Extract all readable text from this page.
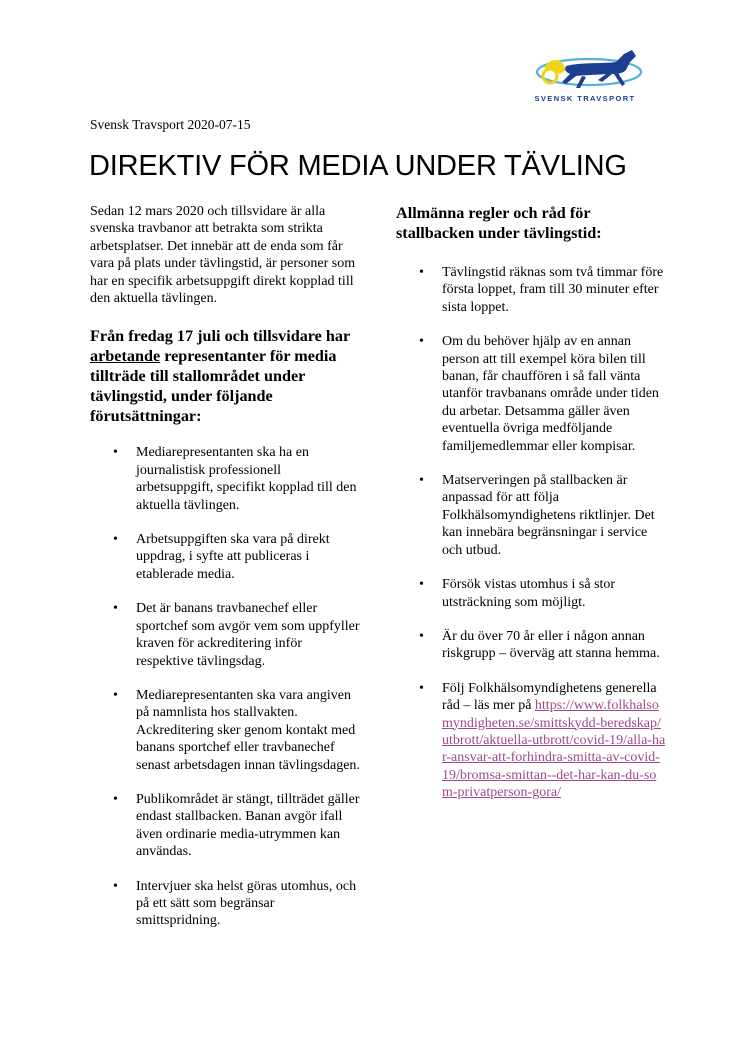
SVENSK TRAVSPORT
Svensk Travsport 2020-07-15
DIREKTIV FÖR MEDIA UNDER TÄVLING

Sedan 12 mars 2020 och tillsvidare är alla svenska travbanor att betrakta som strikta arbetsplatser. Det innebär att de enda som får vara på plats under tävlingstid, är personer som har en specifik arbetsuppgift direkt kopplad till den aktuella tävlingen.

Från fredag 17 juli och tillsvidare har arbetande representanter för media tillträde till stallområdet under tävlingstid, under följande förutsättningar:

• Mediarepresentanten ska ha en journalistisk professionell arbetsuppgift, specifikt kopplad till den aktuella tävlingen.
• Arbetsuppgiften ska vara på direkt uppdrag, i syfte att publiceras i etablerade media.
• Det är banans travbanechef eller sportchef som avgör vem som uppfyller kraven för ackreditering inför respektive tävlingsdag.
• Mediarepresentanten ska vara angiven på namnlista hos stallvakten. Ackreditering sker genom kontakt med banans sportchef eller travbanechef senast arbetsdagen innan tävlingsdagen.
• Publikområdet är stängt, tillträdet gäller endast stallbacken. Banan avgör ifall även ordinarie media-utrymmen kan användas.
• Intervjuer ska helst göras utomhus, och på ett sätt som begränsar smittspridning.

Allmänna regler och råd för stallbacken under tävlingstid:

• Tävlingstid räknas som två timmar före första loppet, fram till 30 minuter efter sista loppet.
• Om du behöver hjälp av en annan person att till exempel köra bilen till banan, får chauffören i så fall vänta utanför travbanans område under tiden du arbetar. Detsamma gäller även eventuella övriga medföljande familjemedlemmar eller kompisar.
• Matserveringen på stallbacken är anpassad för att följa Folkhälsomyndighetens riktlinjer. Det kan innebära begränsningar i service och utbud.
• Försök vistas utomhus i så stor utsträckning som möjligt.
• Är du över 70 år eller i någon annan riskgrupp – överväg att stanna hemma.
• Följ Folkhälsomyndighetens generella råd – läs mer på https://www.folkhalsomyndigheten.se/smittskydd-beredskap/utbrott/aktuella-utbrott/covid-19/alla-har-ansvar-att-forhindra-smitta-av-covid-19/bromsa-smittan--det-har-kan-du-som-privatperson-gora/
